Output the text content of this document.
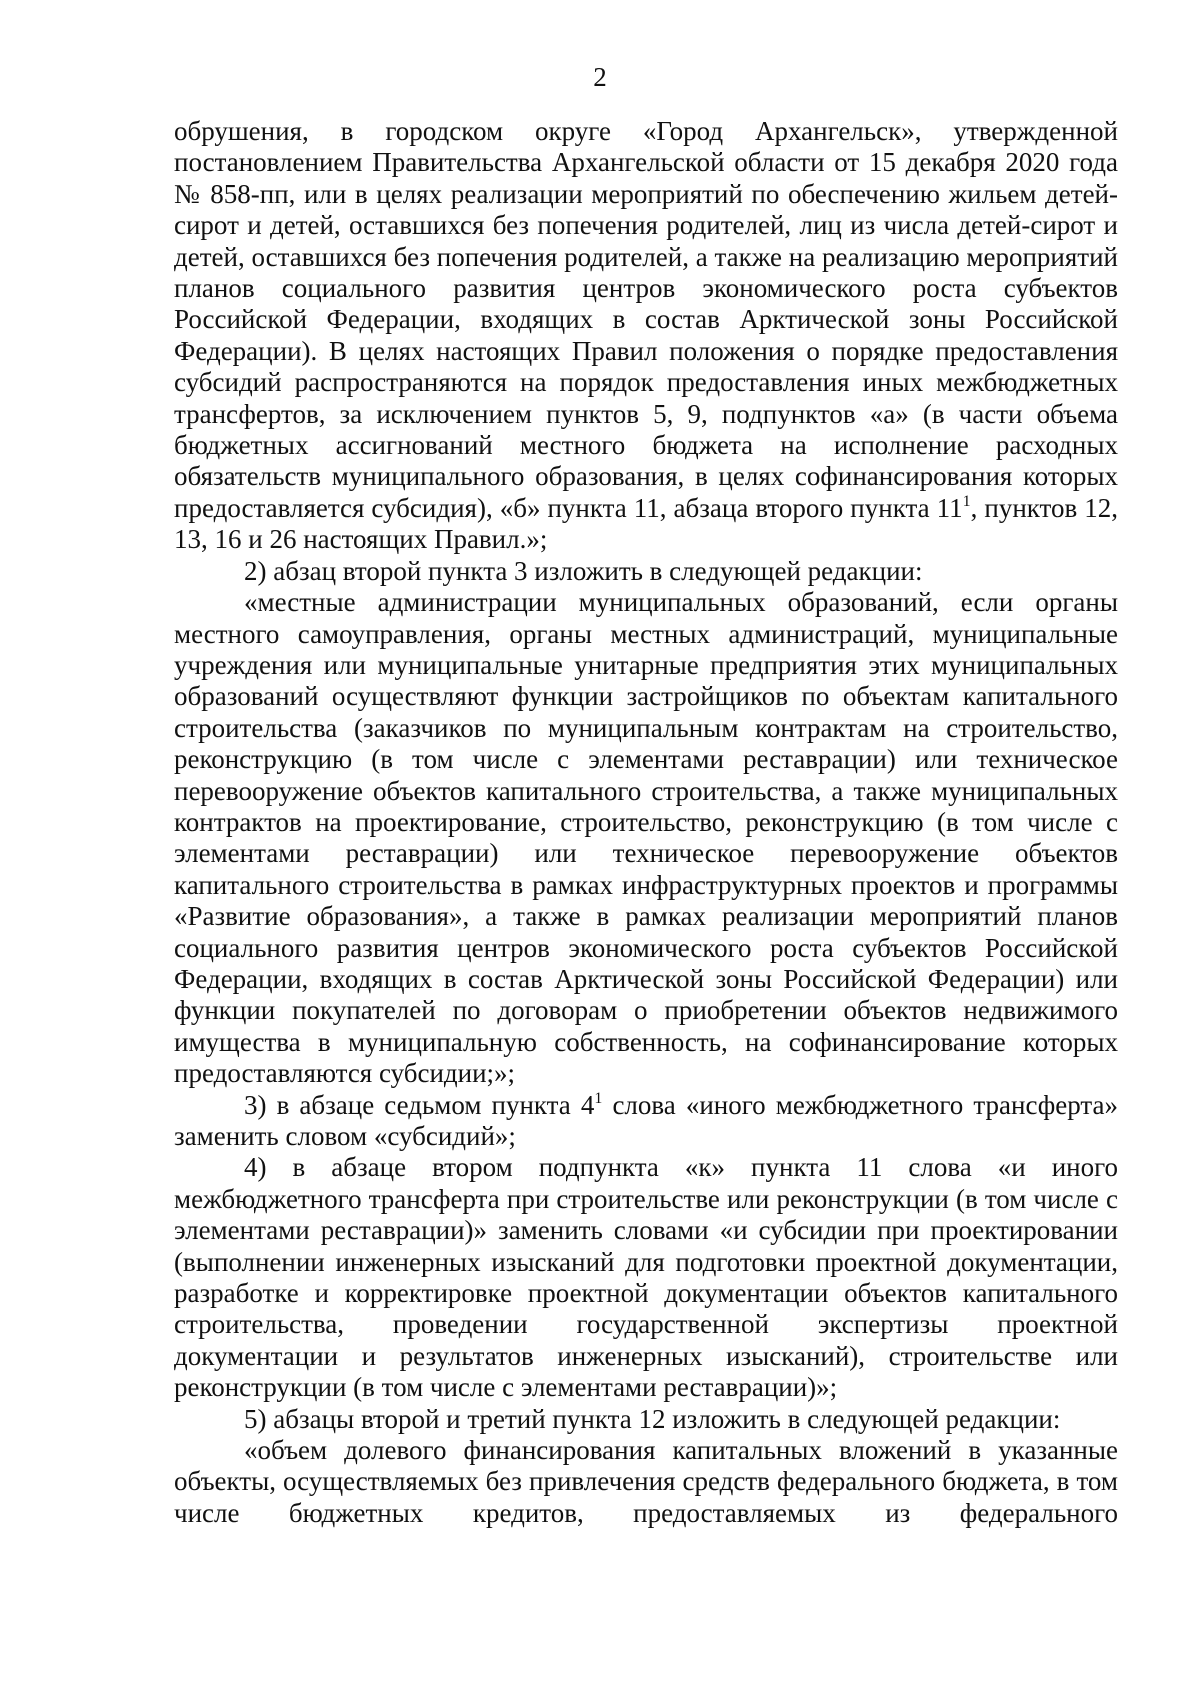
2

обрушения, в городском округе «Город Архангельск», утвержденной постановлением Правительства Архангельской области от 15 декабря 2020 года № 858-пп, или в целях реализации мероприятий по обеспечению жильем детей-сирот и детей, оставшихся без попечения родителей, лиц из числа детей-сирот и детей, оставшихся без попечения родителей, а также на реализацию мероприятий планов социального развития центров экономического роста субъектов Российской Федерации, входящих в состав Арктической зоны Российской Федерации). В целях настоящих Правил положения о порядке предоставления субсидий распространяются на порядок предоставления иных межбюджетных трансфертов, за исключением пунктов 5, 9, подпунктов «а» (в части объема бюджетных ассигнований местного бюджета на исполнение расходных обязательств муниципального образования, в целях софинансирования которых предоставляется субсидия), «б» пункта 11, абзаца второго пункта $11^1$, пунктов 12, 13, 16 и 26 настоящих Правил.»;

2) абзац второй пункта 3 изложить в следующей редакции:

«местные администрации муниципальных образований, если органы местного самоуправления, органы местных администраций, муниципальные учреждения или муниципальные унитарные предприятия этих муниципальных образований осуществляют функции застройщиков по объектам капитального строительства (заказчиков по муниципальным контрактам на строительство, реконструкцию (в том числе с элементами реставрации) или техническое перевооружение объектов капитального строительства, а также муниципальных контрактов на проектирование, строительство, реконструкцию (в том числе с элементами реставрации) или техническое перевооружение объектов капитального строительства в рамках инфраструктурных проектов и программы «Развитие образования», а также в рамках реализации мероприятий планов социального развития центров экономического роста субъектов Российской Федерации, входящих в состав Арктической зоны Российской Федерации) или функции покупателей по договорам о приобретении объектов недвижимого имущества в муниципальную собственность, на софинансирование которых предоставляются субсидии;»;

3) в абзаце седьмом пункта $4^1$ слова «иного межбюджетного трансферта» заменить словом «субсидий»;

4) в абзаце втором подпункта «к» пункта 11 слова «и иного межбюджетного трансферта при строительстве или реконструкции (в том числе с элементами реставрации)» заменить словами «и субсидии при проектировании (выполнении инженерных изысканий для подготовки проектной документации, разработке и корректировке проектной документации объектов капитального строительства, проведении государственной экспертизы проектной документации и результатов инженерных изысканий), строительстве или реконструкции (в том числе с элементами реставрации)»;

5) абзацы второй и третий пункта 12 изложить в следующей редакции:

«объем долевого финансирования капитальных вложений в указанные объекты, осуществляемых без привлечения средств федерального бюджета, в том числе бюджетных кредитов, предоставляемых из федерального
